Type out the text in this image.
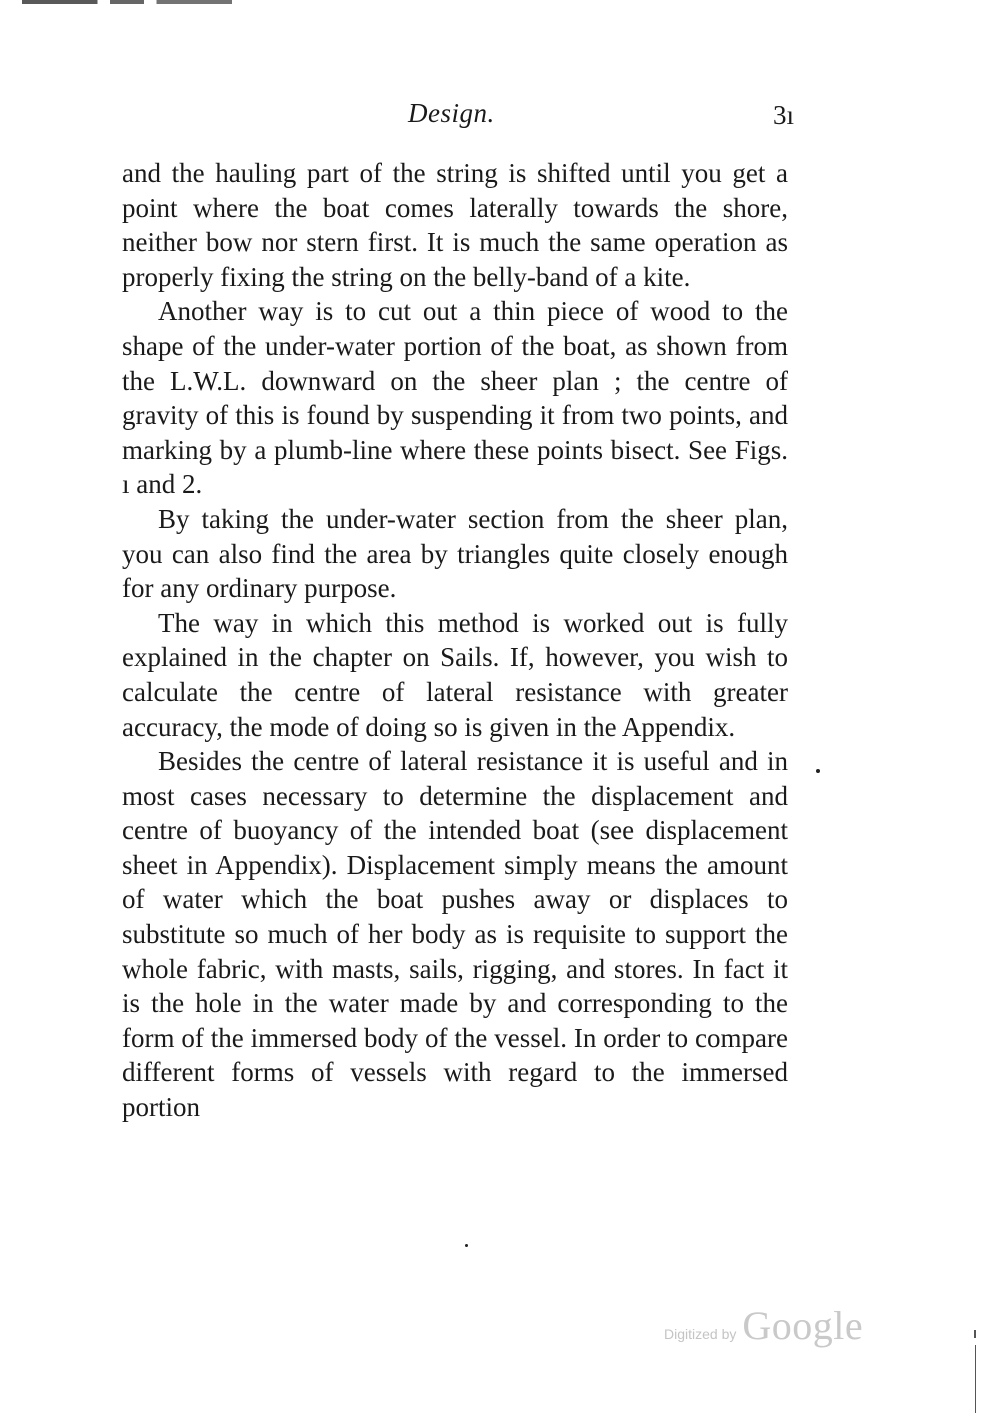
Design.	3ı

and the hauling part of the string is shifted until you get a point where the boat comes laterally towards the shore, neither bow nor stern first. It is much the same operation as properly fixing the string on the belly-band of a kite.

Another way is to cut out a thin piece of wood to the shape of the under-water portion of the boat, as shown from the L.W.L. downward on the sheer plan ; the centre of gravity of this is found by suspending it from two points, and marking by a plumb-line where these points bisect. See Figs. ı and 2.

By taking the under-water section from the sheer plan, you can also find the area by triangles quite closely enough for any ordinary purpose.

The way in which this method is worked out is fully explained in the chapter on Sails. If, however, you wish to calculate the centre of lateral resistance with greater accuracy, the mode of doing so is given in the Appendix.

Besides the centre of lateral resistance it is useful and in most cases necessary to determine the displacement and centre of buoyancy of the intended boat (see displacement sheet in Appendix). Displacement simply means the amount of water which the boat pushes away or displaces to substitute so much of her body as is requisite to support the whole fabric, with masts, sails, rigging, and stores. In fact it is the hole in the water made by and corresponding to the form of the immersed body of the vessel. In order to compare different forms of vessels with regard to the immersed portion

Digitized by Google
